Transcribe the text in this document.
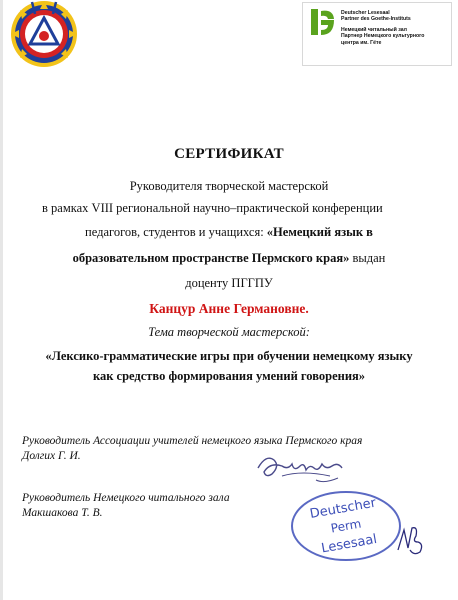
Deutscher Lesesaal
Partner des Goethe-Instituts
Немецкий читальный зал
Партнер Немецкого культурного
центра им. Гёте
СЕРТИФИКАТ
Руководителя творческой мастерской
в рамках VIII региональной научно–практической конференции
педагогов, студентов и учащихся: «Немецкий язык в
образовательном пространстве Пермского края» выдан
доценту ПГГПУ
Канцур Анне Германовне.
Тема творческой мастерской:
«Лексико-грамматические игры при обучении немецкому языку
как средство формирования умений говорения»
Руководитель Ассоциации учителей немецкого языка Пермского края
Долгих Г. И.
Руководитель Немецкого читального зала
Макшакова Т. В.	Deutscher
Perm
Lesesaal
